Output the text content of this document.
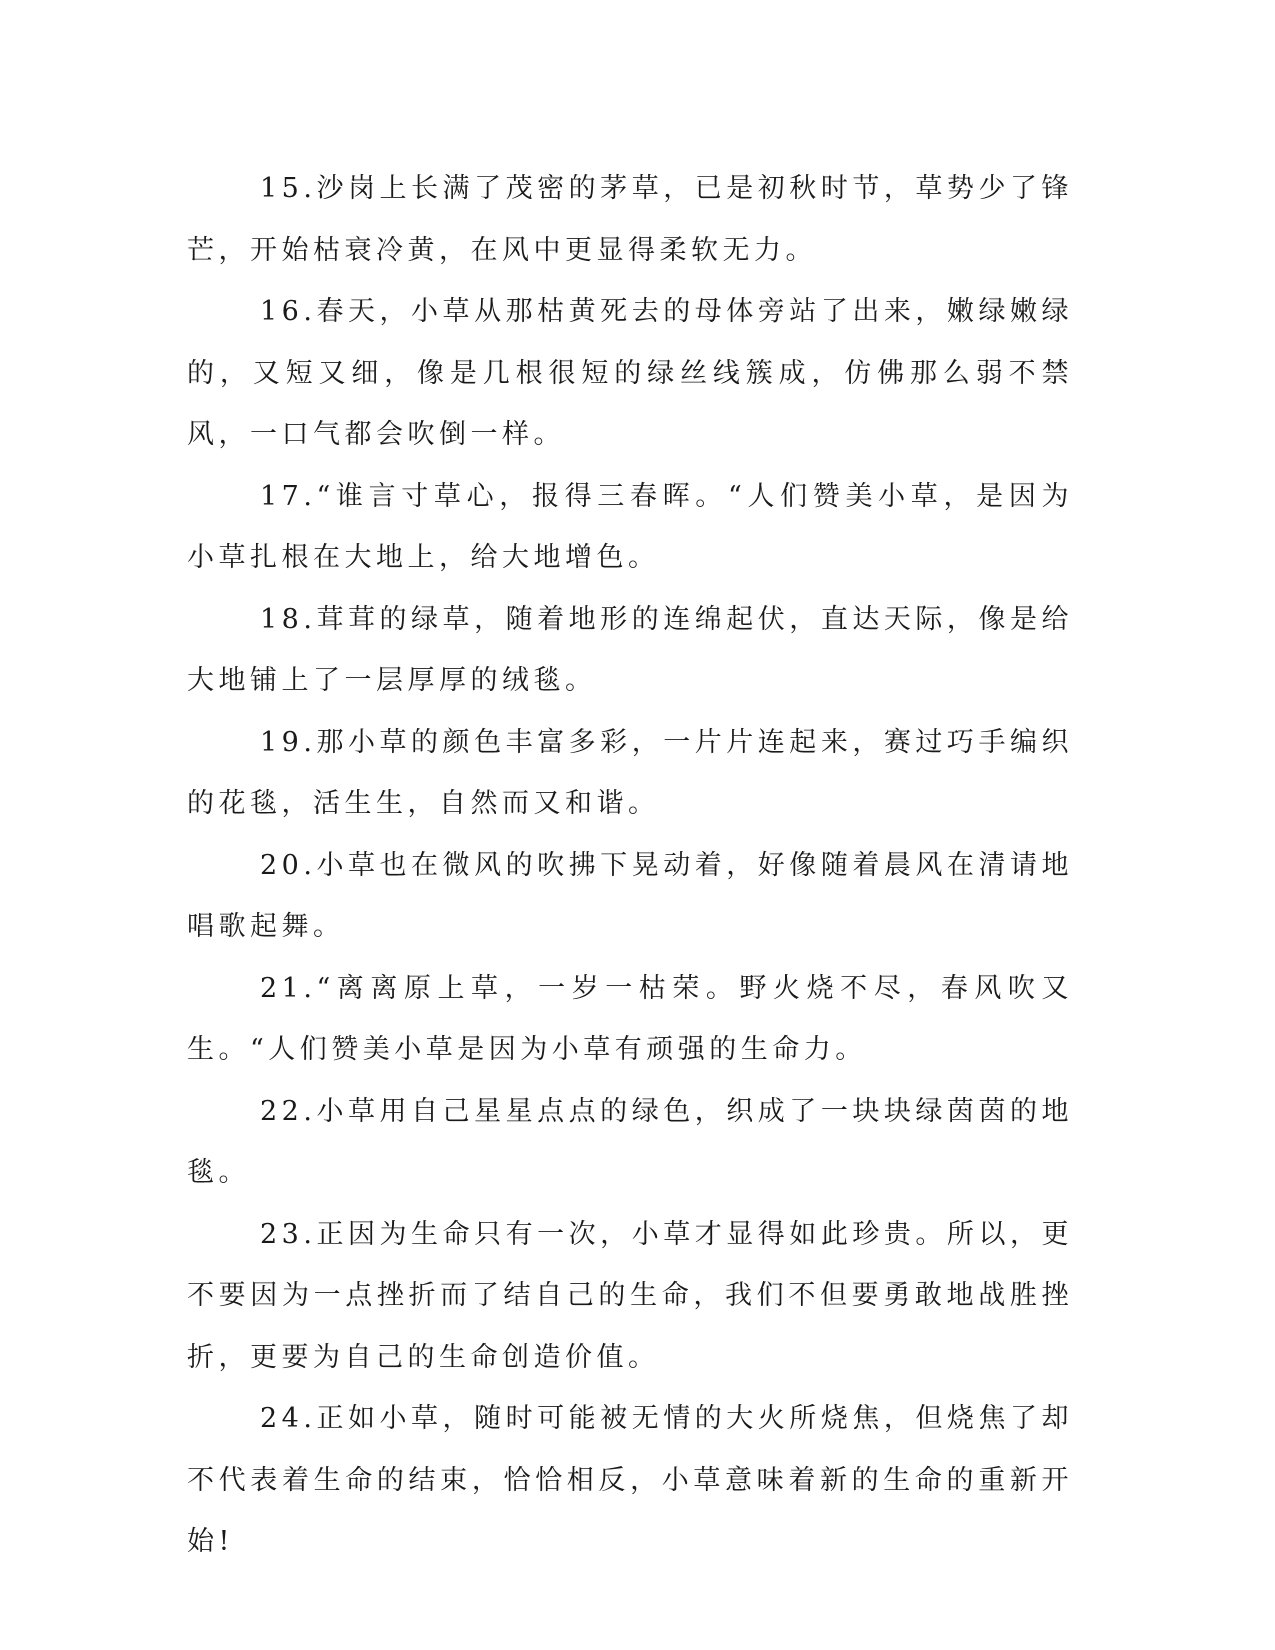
15.沙岗上长满了茂密的茅草，已是初秋时节，草势少了锋芒，开始枯衰冷黄，在风中更显得柔软无力。

16.春天，小草从那枯黄死去的母体旁站了出来，嫩绿嫩绿的，又短又细，像是几根很短的绿丝线簇成，仿佛那么弱不禁风，一口气都会吹倒一样。

17.“谁言寸草心，报得三春晖。“人们赞美小草，是因为小草扎根在大地上，给大地增色。

18.茸茸的绿草，随着地形的连绵起伏，直达天际，像是给大地铺上了一层厚厚的绒毯。

19.那小草的颜色丰富多彩，一片片连起来，赛过巧手编织的花毯，活生生，自然而又和谐。

20.小草也在微风的吹拂下晃动着，好像随着晨风在清请地唱歌起舞。

21.“离离原上草，一岁一枯荣。野火烧不尽，春风吹又生。“人们赞美小草是因为小草有顽强的生命力。

22.小草用自己星星点点的绿色，织成了一块块绿茵茵的地毯。

23.正因为生命只有一次，小草才显得如此珍贵。所以，更不要因为一点挫折而了结自己的生命，我们不但要勇敢地战胜挫折，更要为自己的生命创造价值。

24.正如小草，随时可能被无情的大火所烧焦，但烧焦了却不代表着生命的结束，恰恰相反，小草意味着新的生命的重新开始!
